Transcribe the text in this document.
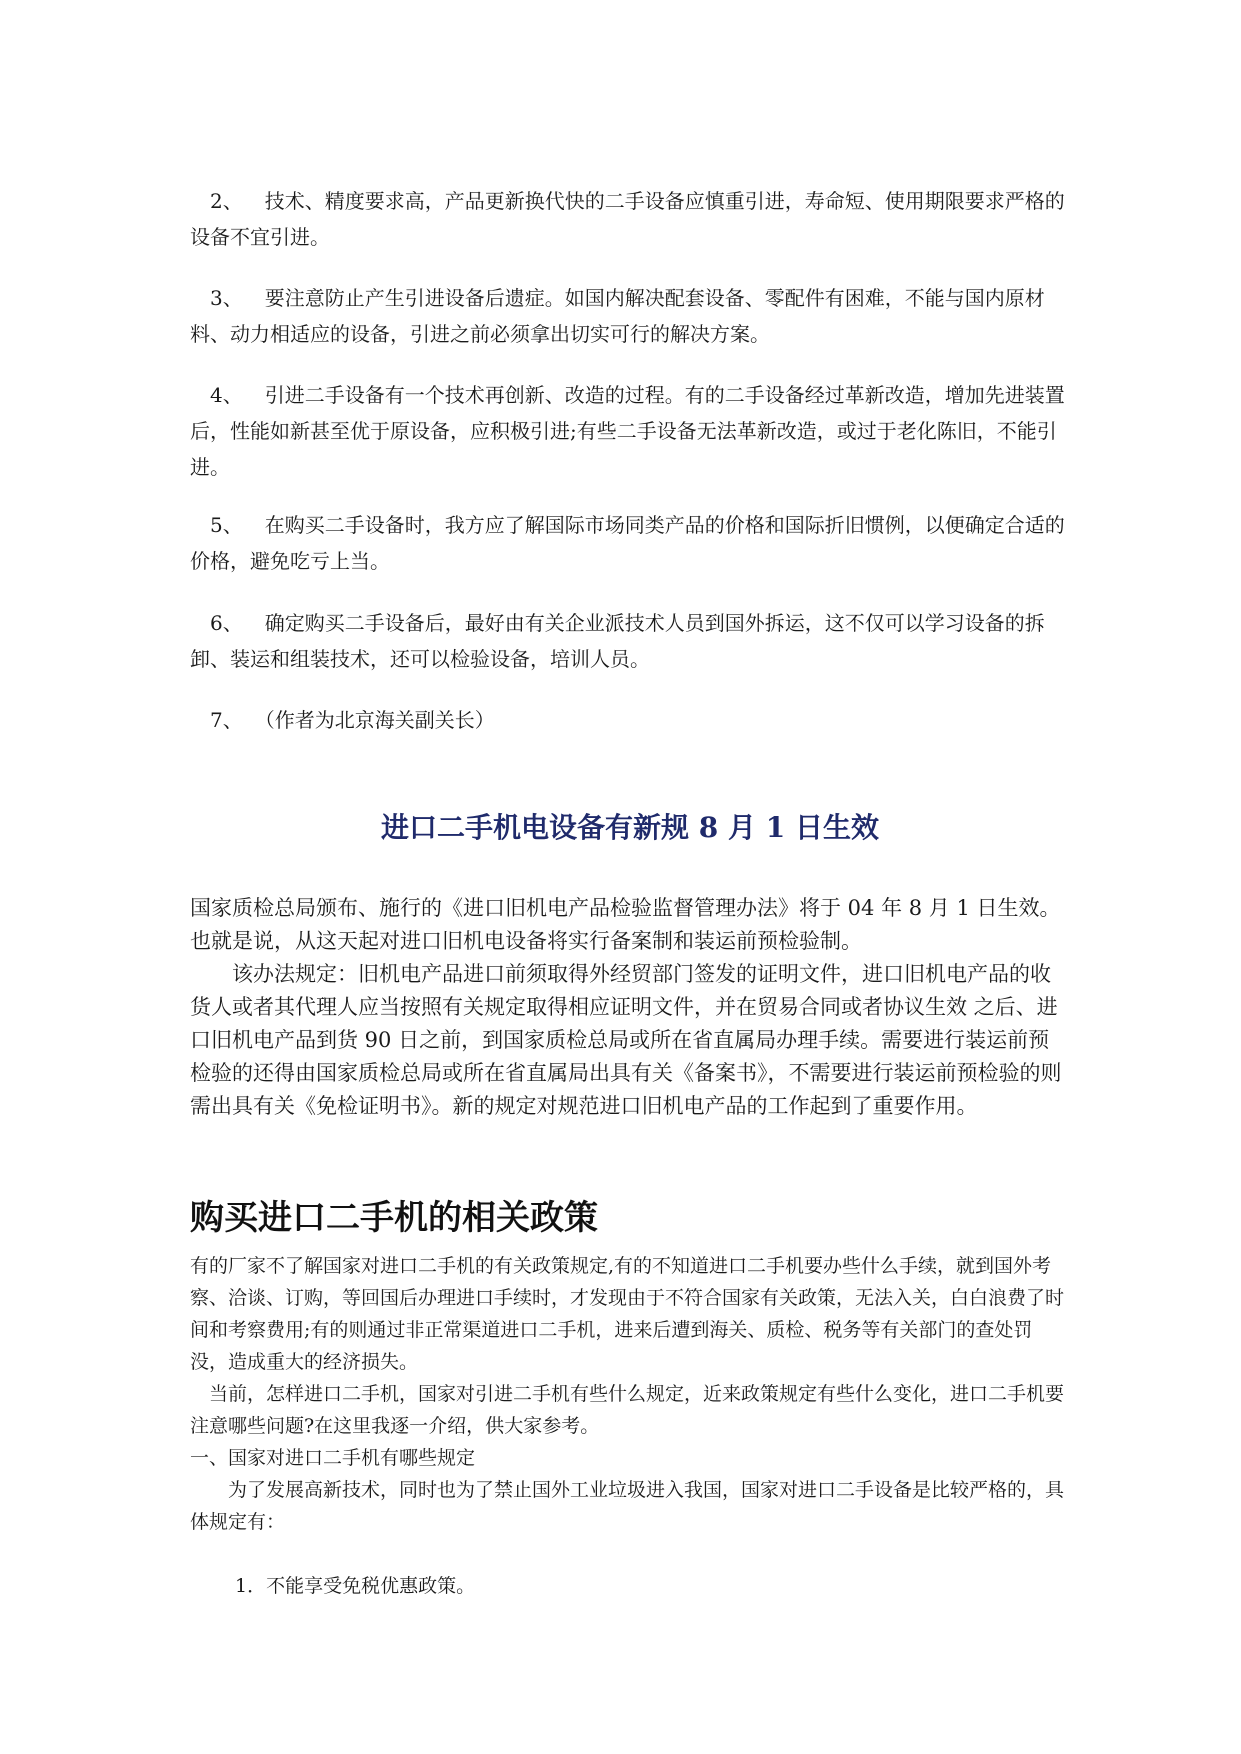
2、 技术、精度要求高，产品更新换代快的二手设备应慎重引进，寿命短、使用期限要求严格的设备不宜引进。
3、 要注意防止产生引进设备后遗症。如国内解决配套设备、零配件有困难，不能与国内原材料、动力相适应的设备，引进之前必须拿出切实可行的解决方案。
4、 引进二手设备有一个技术再创新、改造的过程。有的二手设备经过革新改造，增加先进装置后，性能如新甚至优于原设备，应积极引进;有些二手设备无法革新改造，或过于老化陈旧，不能引进。
5、 在购买二手设备时，我方应了解国际市场同类产品的价格和国际折旧惯例，以便确定合适的价格，避免吃亏上当。
6、 确定购买二手设备后，最好由有关企业派技术人员到国外拆运，这不仅可以学习设备的拆卸、装运和组装技术，还可以检验设备，培训人员。
7、 （作者为北京海关副关长）
进口二手机电设备有新规 8 月 1 日生效
国家质检总局颁布、施行的《进口旧机电产品检验监督管理办法》将于 04 年 8 月 1 日生效。也就是说，从这天起对进口旧机电设备将实行备案制和装运前预检验制。
该办法规定：旧机电产品进口前须取得外经贸部门签发的证明文件，进口旧机电产品的收货人或者其代理人应当按照有关规定取得相应证明文件，并在贸易合同或者协议生效 之后、进口旧机电产品到货 90 日之前，到国家质检总局或所在省直属局办理手续。需要进行装运前预检验的还得由国家质检总局或所在省直属局出具有关《备案书》，不需要进行装运前预检验的则需出具有关《免检证明书》。新的规定对规范进口旧机电产品的工作起到了重要作用。
购买进口二手机的相关政策
有的厂家不了解国家对进口二手机的有关政策规定,有的不知道进口二手机要办些什么手续，就到国外考察、洽谈、订购，等回国后办理进口手续时，才发现由于不符合国家有关政策，无法入关，白白浪费了时间和考察费用;有的则通过非正常渠道进口二手机，进来后遭到海关、质检、税务等有关部门的查处罚没，造成重大的经济损失。
当前，怎样进口二手机，国家对引进二手机有些什么规定，近来政策规定有些什么变化，进口二手机要注意哪些问题?在这里我逐一介绍，供大家参考。
一、国家对进口二手机有哪些规定
为了发展高新技术，同时也为了禁止国外工业垃圾进入我国，国家对进口二手设备是比较严格的，具体规定有：
1．不能享受免税优惠政策。
